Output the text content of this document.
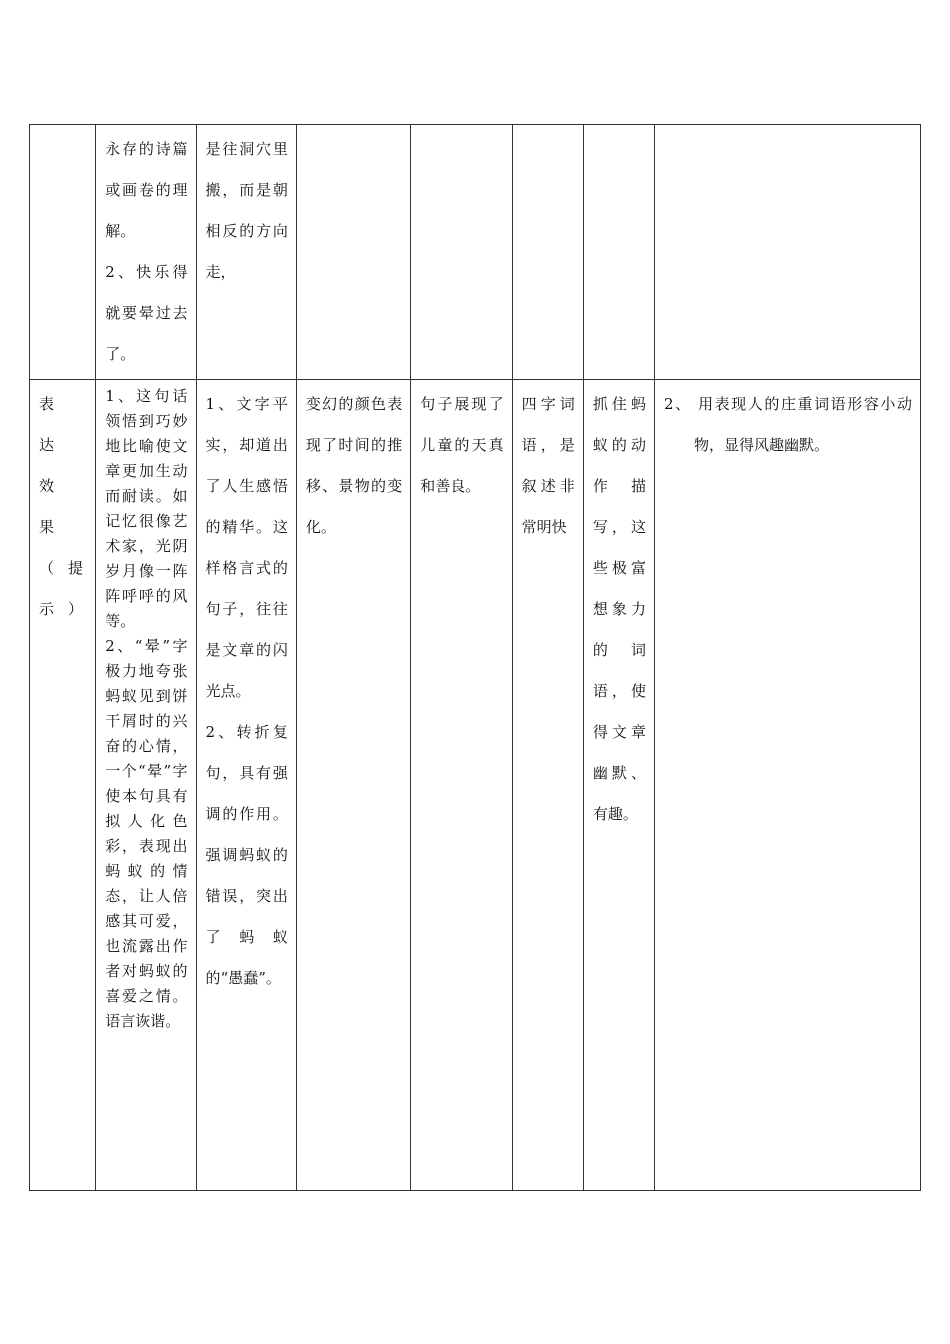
	永存的诗篇或画卷的理解。
2、快乐得就要晕过去了。	是往洞穴里搬，而是朝相反的方向走，					

表达效果（提示）	1、这句话领悟到巧妙地比喻使文章更加生动而耐读。如记忆很像艺术家，光阴岁月像一阵阵呼呼的风等。
2、“晕”字极力地夸张蚂蚁见到饼干屑时的兴奋的心情，一个“晕”字使本句具有拟人化色彩，表现出蚂蚁的情态，让人倍感其可爱，也流露出作者对蚂蚁的喜爱之情。语言诙谐。	1、文字平实，却道出了人生感悟的精华。这样格言式的句子，往往是文章的闪光点。
2、转折复句，具有强调的作用。强调蚂蚁的错误，突出了蚂蚁的“愚蠢”。	变幻的颜色表现了时间的推移、景物的变化。	句子展现了儿童的天真和善良。	四字词语，是叙述非常明快	抓住蚂蚁的动作描写，这些极富想象力的词语，使得文章幽默、有趣。	2、 用表现人的庄重词语形容小动物，显得风趣幽默。
